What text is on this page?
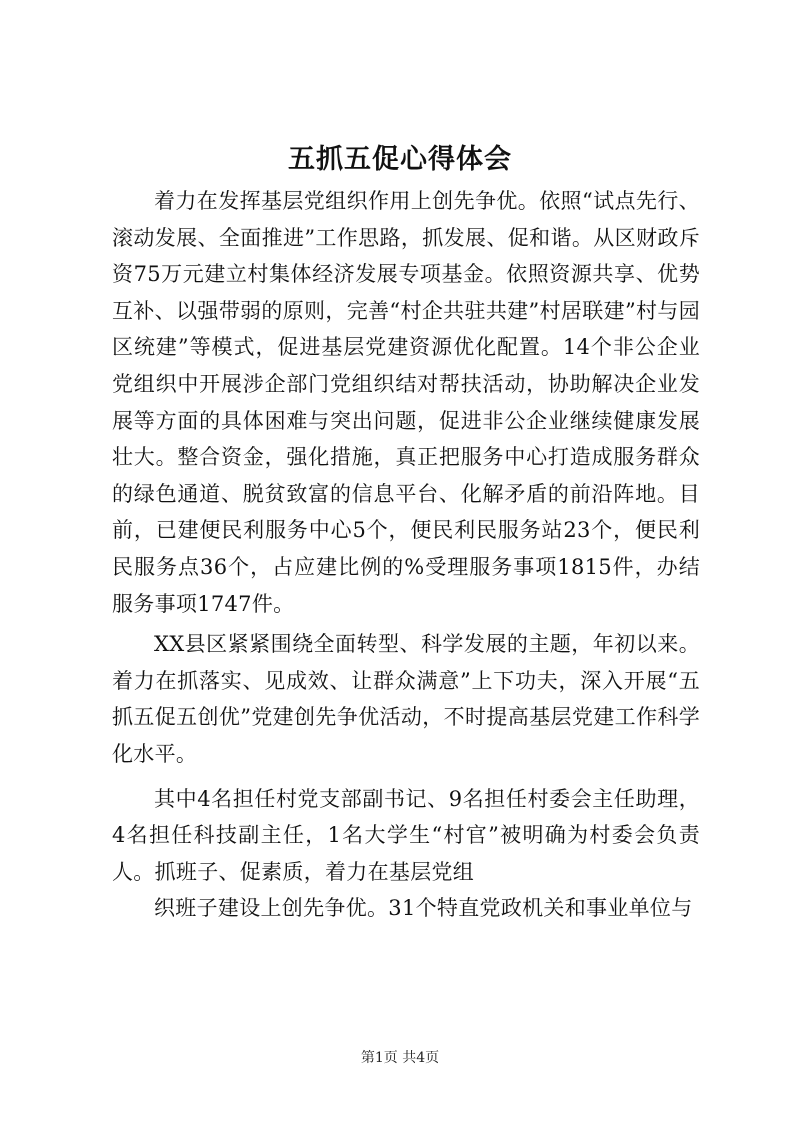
五抓五促心得体会

着力在发挥基层党组织作用上创先争优。依照“试点先行、滚动发展、全面推进”工作思路，抓发展、促和谐。从区财政斥资75万元建立村集体经济发展专项基金。依照资源共享、优势互补、以强带弱的原则，完善“村企共驻共建”村居联建”村与园区统建”等模式，促进基层党建资源优化配置。14个非公企业党组织中开展涉企部门党组织结对帮扶活动，协助解决企业发展等方面的具体困难与突出问题，促进非公企业继续健康发展壮大。整合资金，强化措施，真正把服务中心打造成服务群众的绿色通道、脱贫致富的信息平台、化解矛盾的前沿阵地。目前，已建便民利服务中心5个，便民利民服务站23个，便民利民服务点36个，占应建比例的%受理服务事项1815件，办结服务事项1747件。

XX县区紧紧围绕全面转型、科学发展的主题，年初以来。着力在抓落实、见成效、让群众满意”上下功夫，深入开展“五抓五促五创优”党建创先争优活动，不时提高基层党建工作科学化水平。

其中4名担任村党支部副书记、9名担任村委会主任助理，4名担任科技副主任，1名大学生“村官”被明确为村委会负责人。抓班子、促素质，着力在基层党组

织班子建设上创先争优。31个特直党政机关和事业单位与

第1页 共4页
